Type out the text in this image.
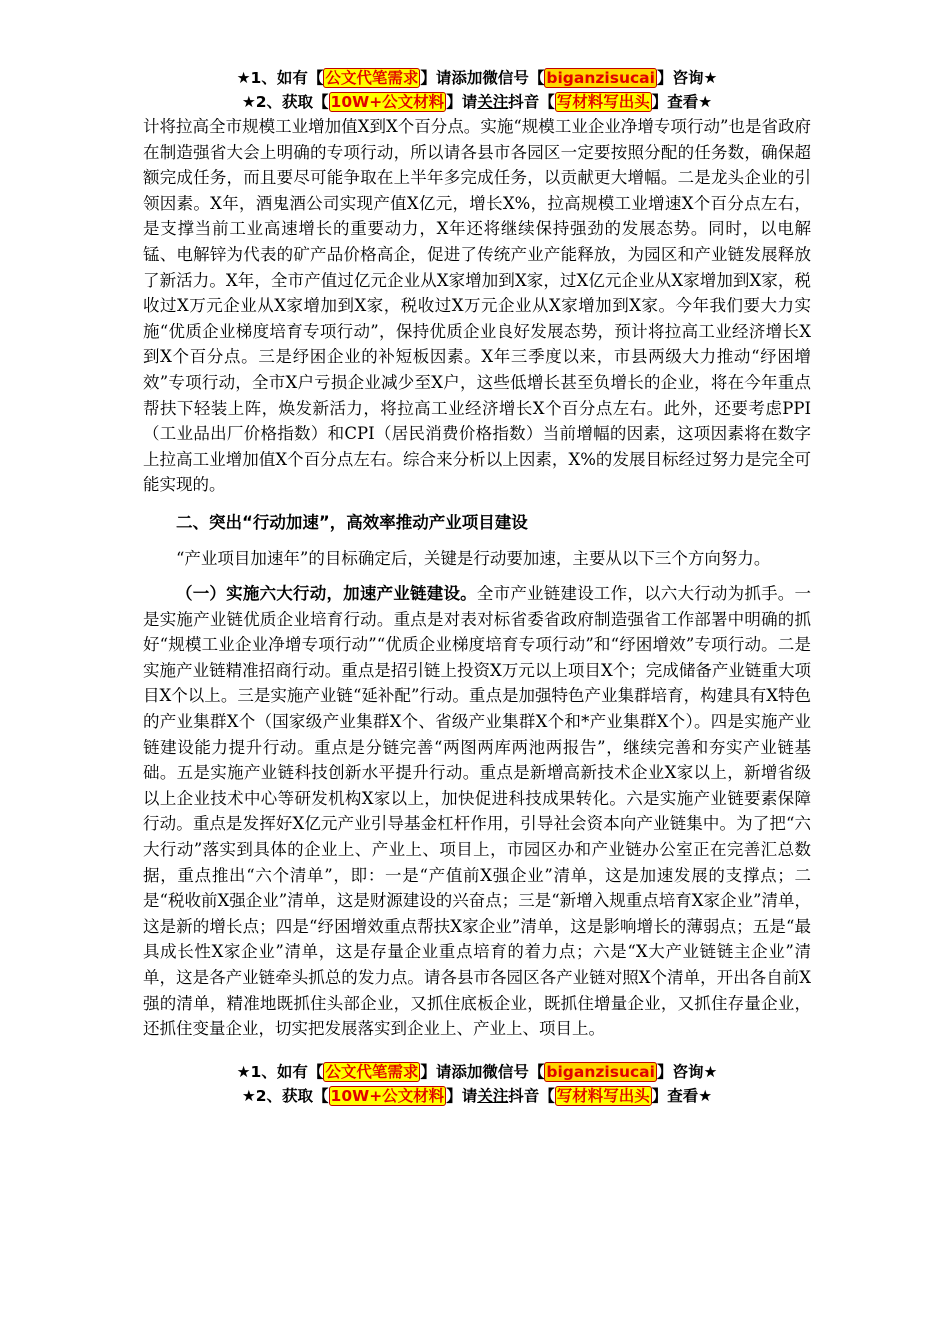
★1、如有【 公文代笔需求 】请添加微信号【 biganzisucai 】咨询★
★2、获取【 10W+公文材料 】请关注抖音【 写材料写出头 】查看★

计将拉高全市规模工业增加值X到X个百分点。实施“规模工业企业净增专项行动”也是省政府在制造强省大会上明确的专项行动，所以请各县市各园区一定要按照分配的任务数，确保超额完成任务，而且要尽可能争取在上半年多完成任务，以贡献更大增幅。二是龙头企业的引领因素。X年，酒鬼酒公司实现产值X亿元，增长X%，拉高规模工业增速X个百分点左右，是支撑当前工业高速增长的重要动力，X年还将继续保持强劲的发展态势。同时，以电解锰、电解锌为代表的矿产品价格高企，促进了传统产业产能释放，为园区和产业链发展释放了新活力。X年，全市产值过亿元企业从X家增加到X家，过X亿元企业从X家增加到X家，税收过X万元企业从X家增加到X家，税收过X万元企业从X家增加到X家。今年我们要大力实施“优质企业梯度培育专项行动”，保持优质企业良好发展态势，预计将拉高工业经济增长X到X个百分点。三是纾困企业的补短板因素。X年三季度以来，市县两级大力推动“纾困增效”专项行动，全市X户亏损企业减少至X户，这些低增长甚至负增长的企业，将在今年重点帮扶下轻装上阵，焕发新活力，将拉高工业经济增长X个百分点左右。此外，还要考虑PPI（工业品出厂价格指数）和CPI（居民消费价格指数）当前增幅的因素，这项因素将在数字上拉高工业增加值X个百分点左右。综合来分析以上因素，X%的发展目标经过努力是完全可能实现的。

二、突出“行动加速”，高效率推动产业项目建设

“产业项目加速年”的目标确定后，关键是行动要加速，主要从以下三个方向努力。

（一）实施六大行动，加速产业链建设。全市产业链建设工作，以六大行动为抓手。一是实施产业链优质企业培育行动。重点是对表对标省委省政府制造强省工作部署中明确的抓好“规模工业企业净增专项行动”“优质企业梯度培育专项行动”和“纾困增效”专项行动。二是实施产业链精准招商行动。重点是招引链上投资X万元以上项目X个；完成储备产业链重大项目X个以上。三是实施产业链“延补配”行动。重点是加强特色产业集群培育，构建具有X特色的产业集群X个（国家级产业集群X个、省级产业集群X个和*产业集群X个）。四是实施产业链建设能力提升行动。重点是分链完善“两图两库两池两报告”，继续完善和夯实产业链基础。五是实施产业链科技创新水平提升行动。重点是新增高新技术企业X家以上，新增省级以上企业技术中心等研发机构X家以上，加快促进科技成果转化。六是实施产业链要素保障行动。重点是发挥好X亿元产业引导基金杠杆作用，引导社会资本向产业链集中。为了把“六大行动”落实到具体的企业上、产业上、项目上，市园区办和产业链办公室正在完善汇总数据，重点推出“六个清单”，即：一是“产值前X强企业”清单，这是加速发展的支撑点；二是“税收前X强企业”清单，这是财源建设的兴奋点；三是“新增入规重点培育X家企业”清单，这是新的增长点；四是“纾困增效重点帮扶X家企业”清单，这是影响增长的薄弱点；五是“最具成长性X家企业”清单，这是存量企业重点培育的着力点；六是“X大产业链链主企业”清单，这是各产业链牵头抓总的发力点。请各县市各园区各产业链对照X个清单，开出各自前X强的清单，精准地既抓住头部企业，又抓住底板企业，既抓住增量企业，又抓住存量企业，还抓住变量企业，切实把发展落实到企业上、产业上、项目上。

★1、如有【 公文代笔需求 】请添加微信号【 biganzisucai 】咨询★
★2、获取【 10W+公文材料 】请关注抖音【 写材料写出头 】查看★
